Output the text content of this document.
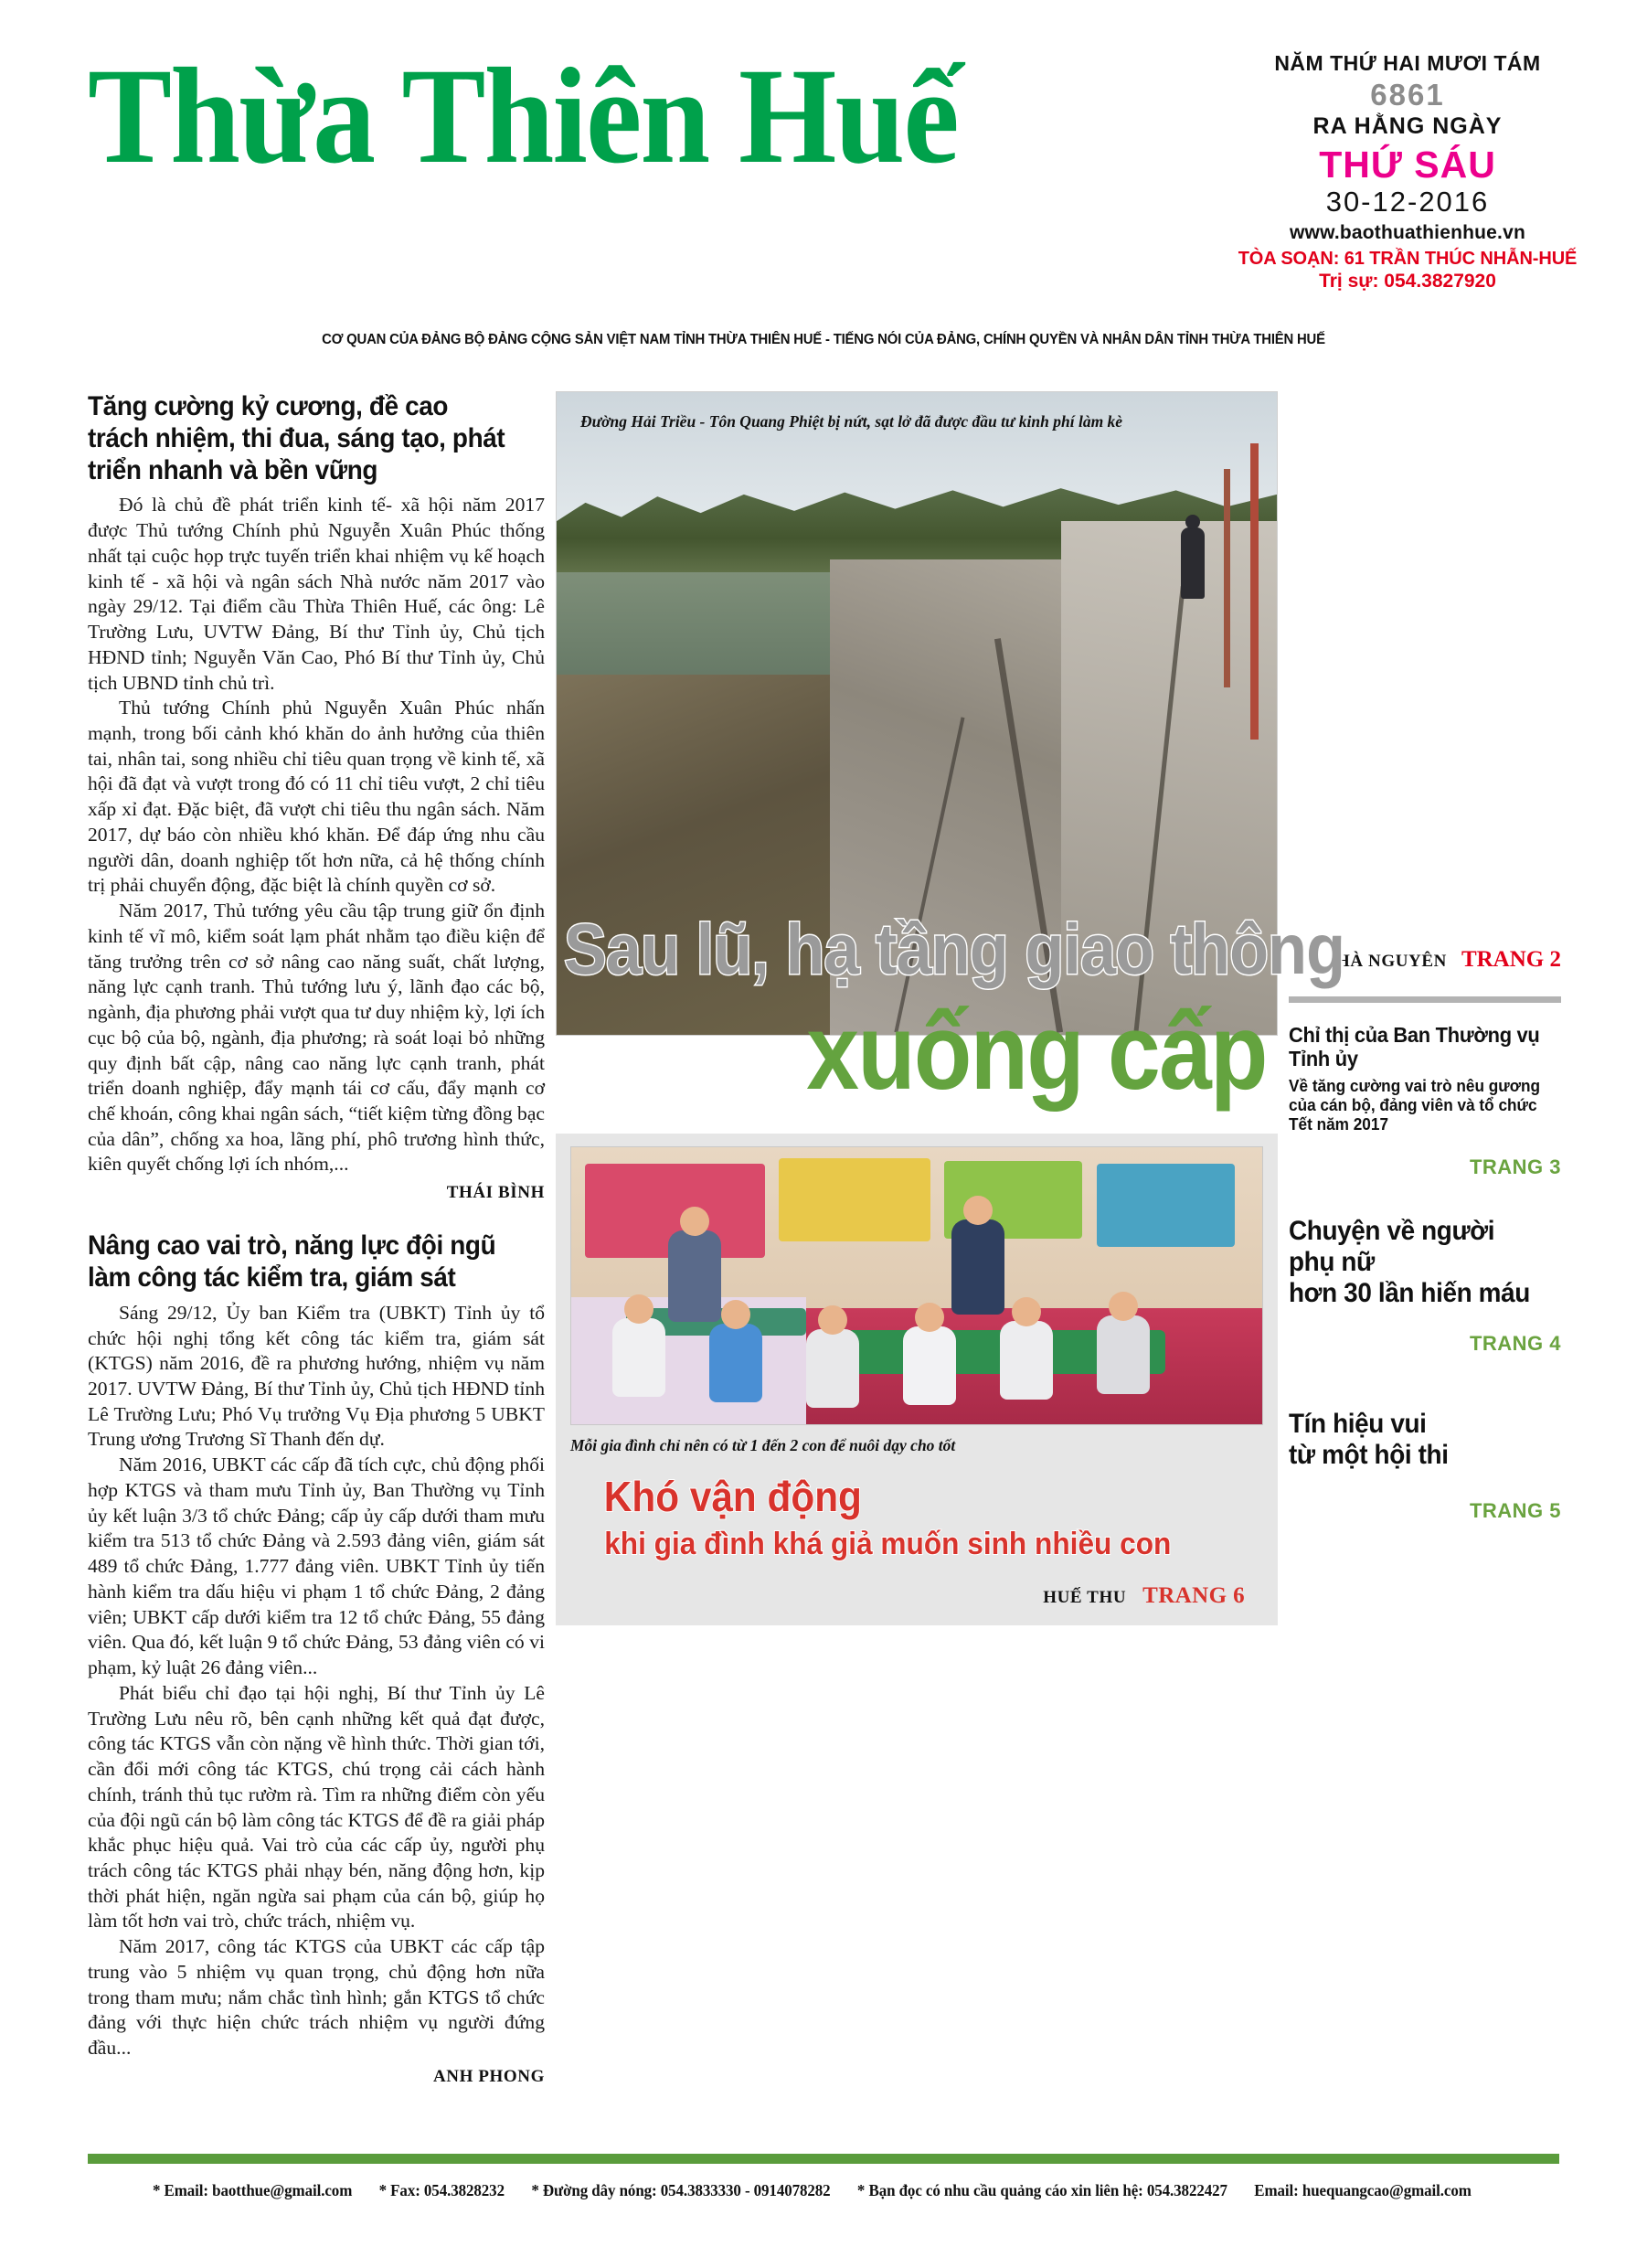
Thừa Thiên Huế	NĂM THỨ HAI MƯƠI TÁM
6861
RA HẰNG NGÀY
THỨ SÁU
30-12-2016
www.baothuathienhue.vn
TÒA SOẠN: 61 TRẦN THÚC NHẪN-HUẾ
Trị sự: 054.3827920
CƠ QUAN CỦA ĐẢNG BỘ ĐẢNG CỘNG SẢN VIỆT NAM TỈNH THỪA THIÊN HUẾ - TIẾNG NÓI CỦA ĐẢNG, CHÍNH QUYỀN VÀ NHÂN DÂN TỈNH THỪA THIÊN HUẾ
Tăng cường kỷ cương, đề cao trách nhiệm, thi đua, sáng tạo, phát triển nhanh và bền vững

Đó là chủ đề phát triển kinh tế- xã hội năm 2017 được Thủ tướng Chính phủ Nguyễn Xuân Phúc thống nhất tại cuộc họp trực tuyến triển khai nhiệm vụ kế hoạch kinh tế - xã hội và ngân sách Nhà nước năm 2017 vào ngày 29/12. Tại điểm cầu Thừa Thiên Huế, các ông: Lê Trường Lưu, UVTW Đảng, Bí thư Tỉnh ủy, Chủ tịch HĐND tỉnh; Nguyễn Văn Cao, Phó Bí thư Tỉnh ủy, Chủ tịch UBND tỉnh chủ trì.

Thủ tướng Chính phủ Nguyễn Xuân Phúc nhấn mạnh, trong bối cảnh khó khăn do ảnh hưởng của thiên tai, nhân tai, song nhiều chỉ tiêu quan trọng về kinh tế, xã hội đã đạt và vượt trong đó có 11 chỉ tiêu vượt, 2 chỉ tiêu xấp xỉ đạt. Đặc biệt, đã vượt chi tiêu thu ngân sách. Năm 2017, dự báo còn nhiều khó khăn. Để đáp ứng nhu cầu người dân, doanh nghiệp tốt hơn nữa, cả hệ thống chính trị phải chuyển động, đặc biệt là chính quyền cơ sở.

Năm 2017, Thủ tướng yêu cầu tập trung giữ ổn định kinh tế vĩ mô, kiểm soát lạm phát nhằm tạo điều kiện để tăng trưởng trên cơ sở nâng cao năng suất, chất lượng, năng lực cạnh tranh. Thủ tướng lưu ý, lãnh đạo các bộ, ngành, địa phương phải vượt qua tư duy nhiệm kỳ, lợi ích cục bộ của bộ, ngành, địa phương; rà soát loại bỏ những quy định bất cập, nâng cao năng lực cạnh tranh, phát triển doanh nghiệp, đẩy mạnh tái cơ cấu, đẩy mạnh cơ chế khoán, công khai ngân sách, “tiết kiệm từng đồng bạc của dân”, chống xa hoa, lãng phí, phô trương hình thức, kiên quyết chống lợi ích nhóm,...

THÁI BÌNH
Nâng cao vai trò, năng lực đội ngũ làm công tác kiểm tra, giám sát

Sáng 29/12, Ủy ban Kiểm tra (UBKT) Tỉnh ủy tổ chức hội nghị tổng kết công tác kiểm tra, giám sát (KTGS) năm 2016, đề ra phương hướng, nhiệm vụ năm 2017. UVTW Đảng, Bí thư Tỉnh ủy, Chủ tịch HĐND tỉnh Lê Trường Lưu; Phó Vụ trưởng Vụ Địa phương 5 UBKT Trung ương Trương Sĩ Thanh đến dự.

Năm 2016, UBKT các cấp đã tích cực, chủ động phối hợp KTGS và tham mưu Tỉnh ủy, Ban Thường vụ Tỉnh ủy kết luận 3/3 tổ chức Đảng; cấp ủy cấp dưới tham mưu kiểm tra 513 tổ chức Đảng và 2.593 đảng viên, giám sát 489 tổ chức Đảng, 1.777 đảng viên. UBKT Tỉnh ủy tiến hành kiểm tra dấu hiệu vi phạm 1 tổ chức Đảng, 2 đảng viên; UBKT cấp dưới kiểm tra 12 tổ chức Đảng, 55 đảng viên. Qua đó, kết luận 9 tổ chức Đảng, 53 đảng viên có vi phạm, kỷ luật 26 đảng viên...

Phát biểu chỉ đạo tại hội nghị, Bí thư Tỉnh ủy Lê Trường Lưu nêu rõ, bên cạnh những kết quả đạt được, công tác KTGS vẫn còn nặng về hình thức. Thời gian tới, cần đổi mới công tác KTGS, chú trọng cải cách hành chính, tránh thủ tục rườm rà. Tìm ra những điểm còn yếu của đội ngũ cán bộ làm công tác KTGS để đề ra giải pháp khắc phục hiệu quả. Vai trò của các cấp ủy, người phụ trách công tác KTGS phải nhạy bén, năng động hơn, kịp thời phát hiện, ngăn ngừa sai phạm của cán bộ, giúp họ làm tốt hơn vai trò, chức trách, nhiệm vụ.

Năm 2017, công tác KTGS của UBKT các cấp tập trung vào 5 nhiệm vụ quan trọng, chủ động hơn nữa trong tham mưu; nắm chắc tình hình; gắn KTGS tổ chức đảng với thực hiện chức trách nhiệm vụ người đứng đầu...

ANH PHONG
Đường Hải Triều - Tôn Quang Phiệt bị nứt, sạt lở đã được đầu tư kinh phí làm kè
Sau lũ, hạ tầng giao thông
xuống cấp
Mỗi gia đình chỉ nên có từ 1 đến 2 con để nuôi dạy cho tốt
Khó vận động
khi gia đình khá giả muốn sinh nhiều con
HUẾ THU TRANG 6
HÀ NGUYÊN TRANG 2
Chỉ thị của Ban Thường vụ Tỉnh ủy
Về tăng cường vai trò nêu gương của cán bộ, đảng viên và tổ chức Tết năm 2017
TRANG 3
Chuyện về người phụ nữ
hơn 30 lần hiến máu
TRANG 4
Tín hiệu vui
từ một hội thi
TRANG 5
* Email: baotthue@gmail.com * Fax: 054.3828232 * Đường dây nóng: 054.3833330 - 0914078282 * Bạn đọc có nhu cầu quảng cáo xin liên hệ: 054.3822427 Email: huequangcao@gmail.com
